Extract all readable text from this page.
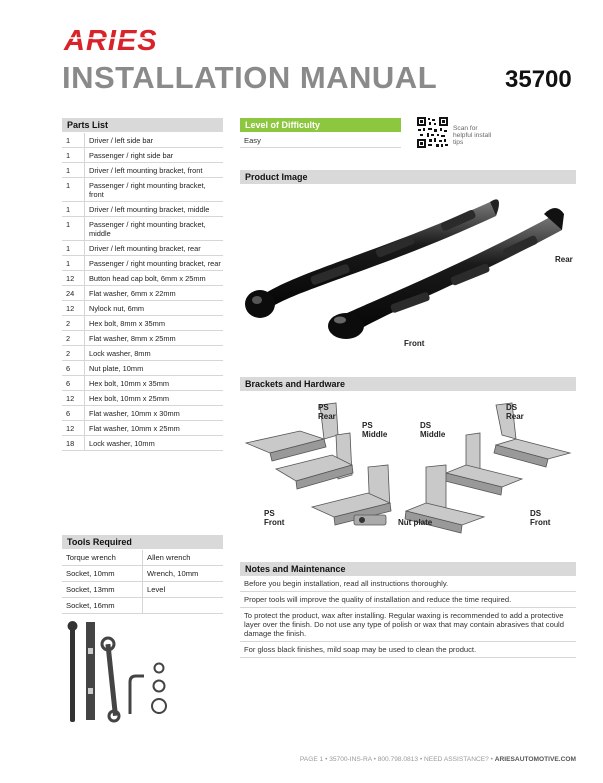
ARIES
INSTALLATION MANUAL	35700
Parts List
1	Driver / left side bar
1	Passenger / right side bar
1	Driver / left mounting bracket, front
1	Passenger / right mounting bracket, front
1	Driver / left mounting bracket, middle
1	Passenger / right mounting bracket, middle
1	Driver / left mounting bracket, rear
1	Passenger / right mounting bracket, rear
12	Button head cap bolt, 6mm x 25mm
24	Flat washer, 6mm x 22mm
12	Nylock nut, 6mm
2	Hex bolt, 8mm x 35mm
2	Flat washer, 8mm x 25mm
2	Lock washer, 8mm
6	Nut plate, 10mm
6	Hex bolt, 10mm x 35mm
12	Hex bolt, 10mm x 25mm
6	Flat washer, 10mm x 30mm
12	Flat washer, 10mm x 25mm
18	Lock washer, 10mm
Tools Required
Torque wrench	Allen wrench
Socket, 10mm	Wrench, 10mm
Socket, 13mm	Level
Socket, 16mm	
Level of Difficulty
Easy
Scan for helpful install tips
Product Image
Rear
Front
Brackets and Hardware
PS Rear
PS Middle
DS Middle
DS Rear
PS Front
DS Front
Nut plate
Notes and Maintenance
Before you begin installation, read all instructions thoroughly.
Proper tools will improve the quality of installation and reduce the time required.
To protect the product, wax after installing. Regular waxing is recommended to add a protective layer over the finish. Do not use any type of polish or wax that may contain abrasives that could damage the finish.
For gloss black finishes, mild soap may be used to clean the product.
PAGE 1 • 35700-INS-RA • 800.798.0813 • NEED ASSISTANCE? • ARIESAUTOMOTIVE.COM
